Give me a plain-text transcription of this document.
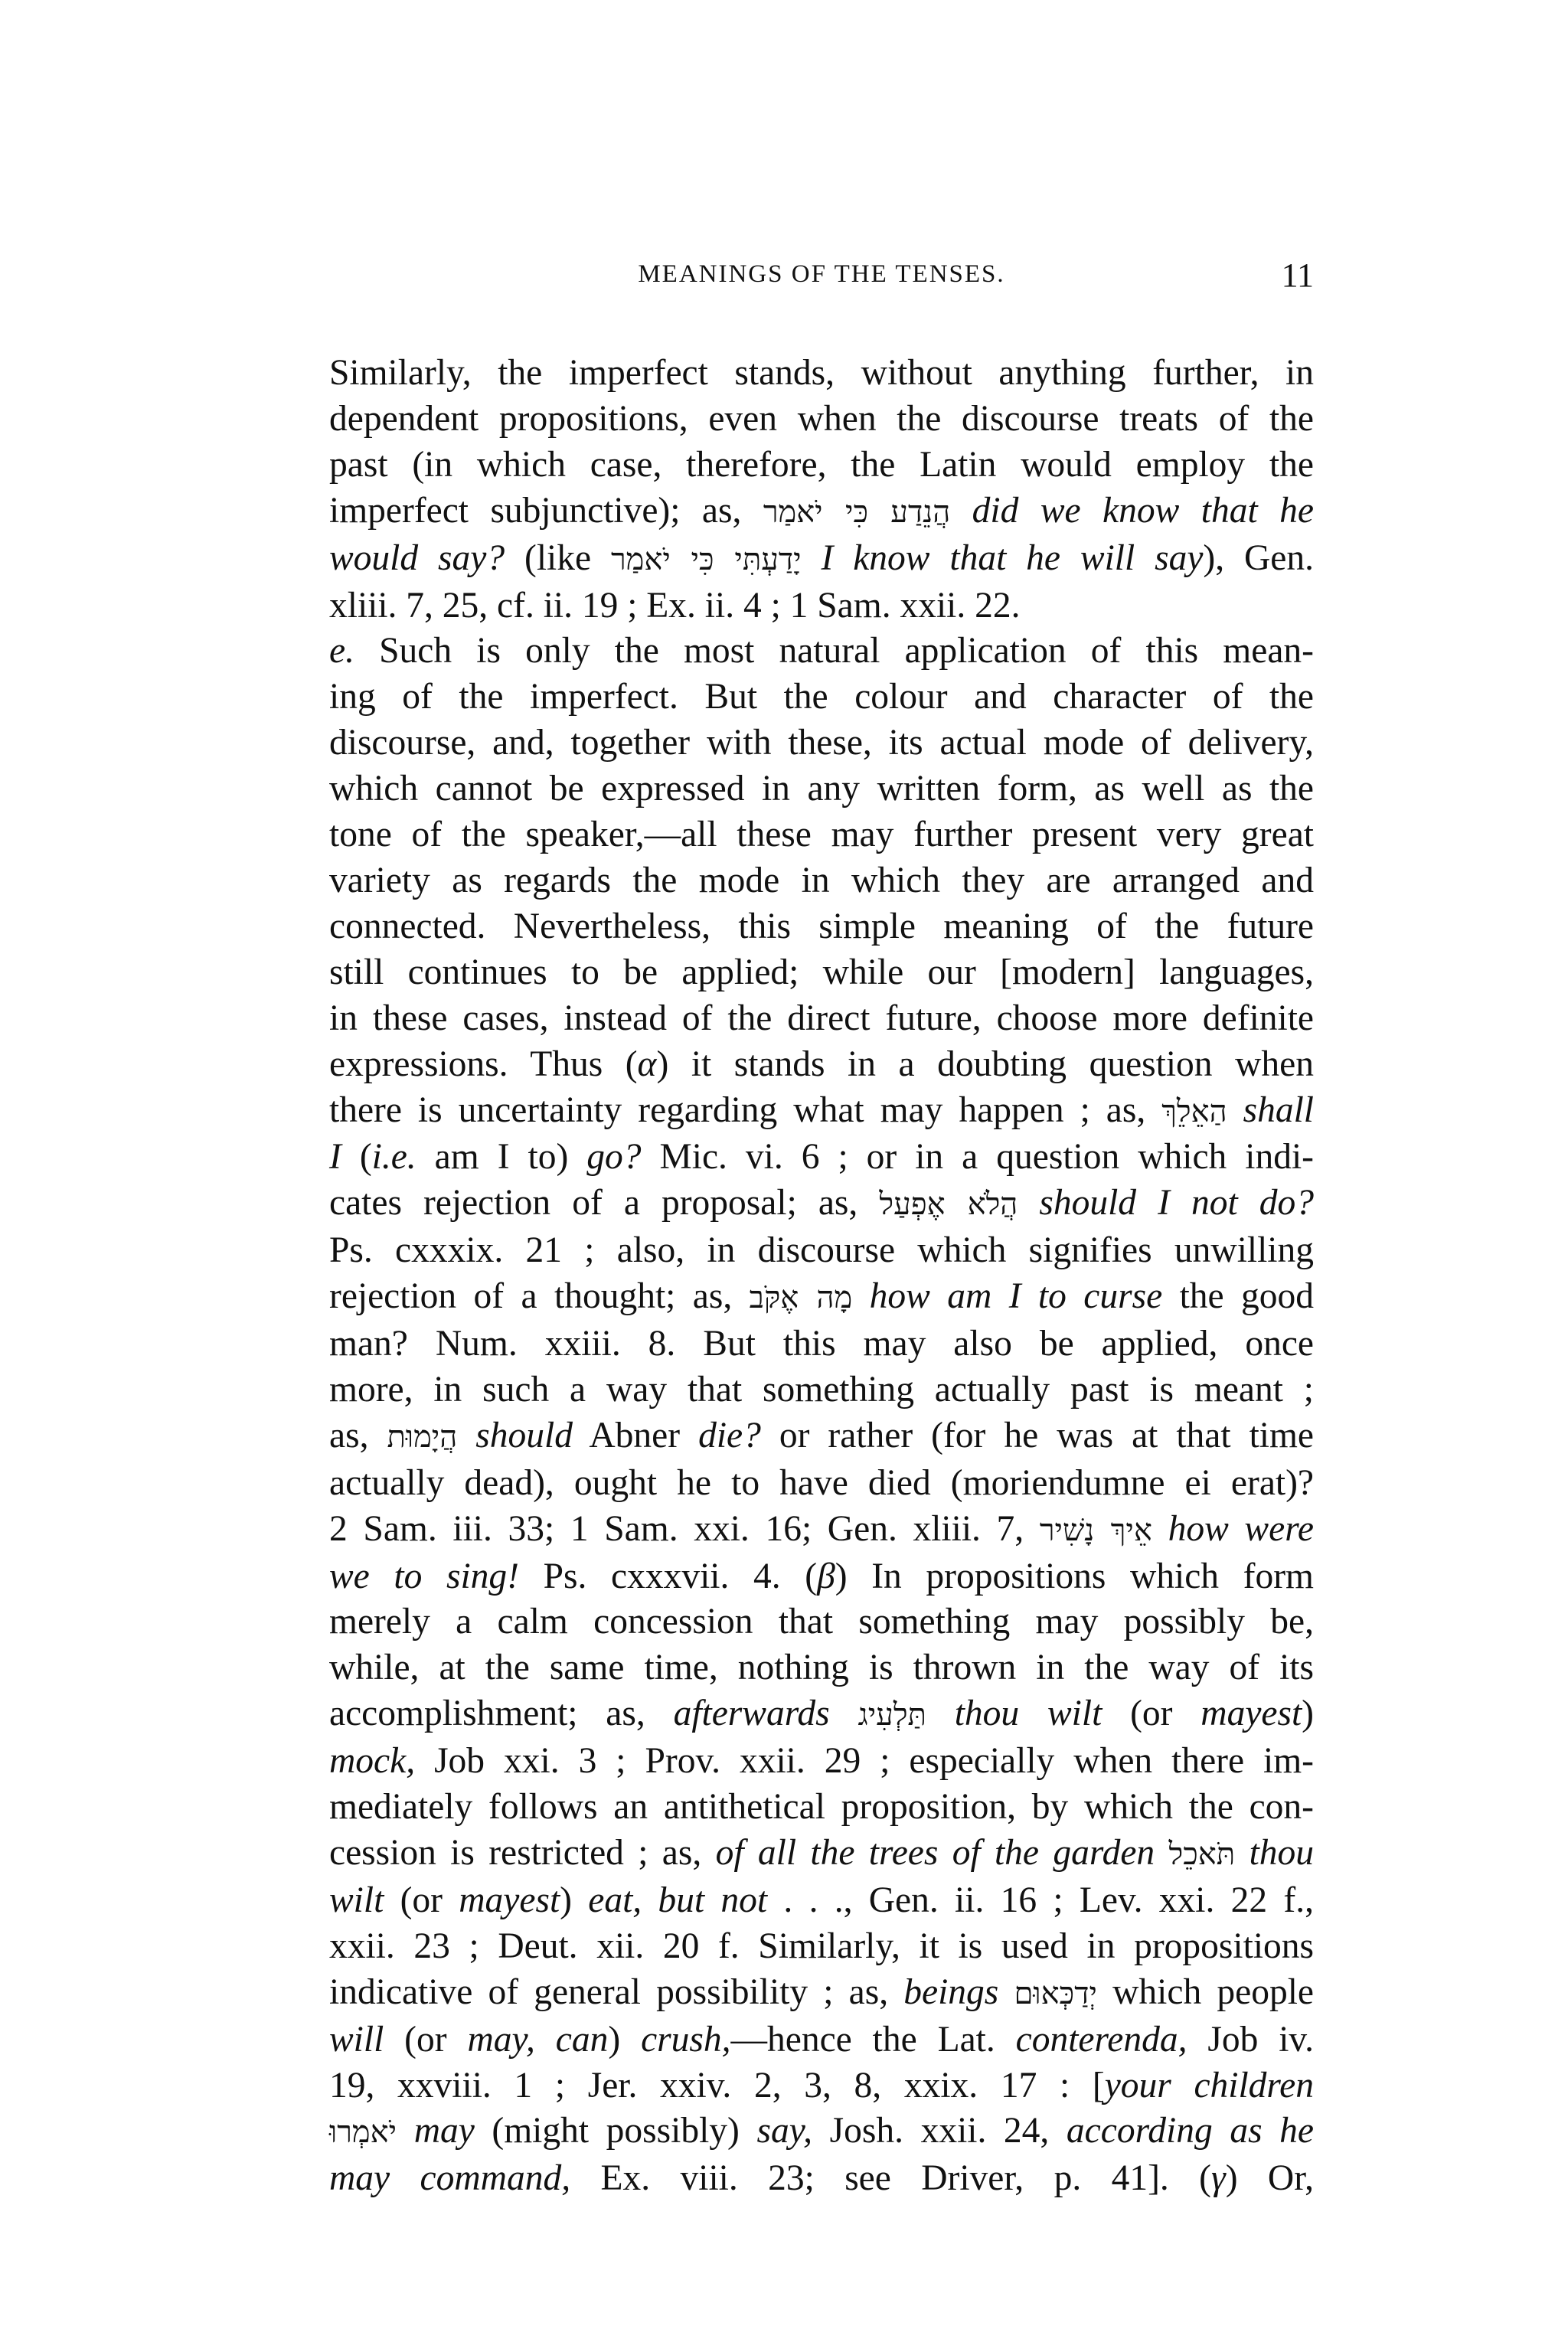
MEANINGS OF THE TENSES.	11
Similarly, the imperfect stands, without anything further, in
dependent propositions, even when the discourse treats of the
past (in which case, therefore, the Latin would employ the
imperfect subjunctive); as, הֲנֵדַע כִּי יֹאמַר did we know that he
would say? (like יָדַעְתִּי כִּי יֹאמַר I know that he will say), Gen.
xliii. 7, 25, cf. ii. 19 ; Ex. ii. 4 ; 1 Sam. xxii. 22.
e. Such is only the most natural application of this mean-
ing of the imperfect. But the colour and character of the
discourse, and, together with these, its actual mode of delivery,
which cannot be expressed in any written form, as well as the
tone of the speaker,—all these may further present very great
variety as regards the mode in which they are arranged and
connected. Nevertheless, this simple meaning of the future
still continues to be applied; while our [modern] languages,
in these cases, instead of the direct future, choose more definite
expressions. Thus (α) it stands in a doubting question when
there is uncertainty regarding what may happen ; as, הַאֵלֵךְ shall
I (i.e. am I to) go? Mic. vi. 6 ; or in a question which indi-
cates rejection of a proposal; as, הֲלֹא אֶפְעַל should I not do?
Ps. cxxxix. 21 ; also, in discourse which signifies unwilling
rejection of a thought; as, מָה אֶקֹּב how am I to curse the good
man? Num. xxiii. 8. But this may also be applied, once
more, in such a way that something actually past is meant ;
as, הֲיָמוּת should Abner die? or rather (for he was at that time
actually dead), ought he to have died (moriendumne ei erat)?
2 Sam. iii. 33; 1 Sam. xxi. 16; Gen. xliii. 7, אֵיךְ נָשִׁיר how were
we to sing! Ps. cxxxvii. 4. (β) In propositions which form
merely a calm concession that something may possibly be,
while, at the same time, nothing is thrown in the way of its
accomplishment; as, afterwards תַּלְעִיג thou wilt (or mayest)
mock, Job xxi. 3 ; Prov. xxii. 29 ; especially when there im-
mediately follows an antithetical proposition, by which the con-
cession is restricted ; as, of all the trees of the garden תֹּאכֵל thou
wilt (or mayest) eat, but not . . ., Gen. ii. 16 ; Lev. xxi. 22 f.,
xxii. 23 ; Deut. xii. 20 f. Similarly, it is used in propositions
indicative of general possibility ; as, beings יְדַכְּאוּם which people
will (or may, can) crush,—hence the Lat. conterenda, Job iv.
19, xxviii. 1 ; Jer. xxiv. 2, 3, 8, xxix. 17 : [your children
יֹאמְרוּ may (might possibly) say, Josh. xxii. 24, according as he
may command, Ex. viii. 23; see Driver, p. 41]. (γ) Or,
